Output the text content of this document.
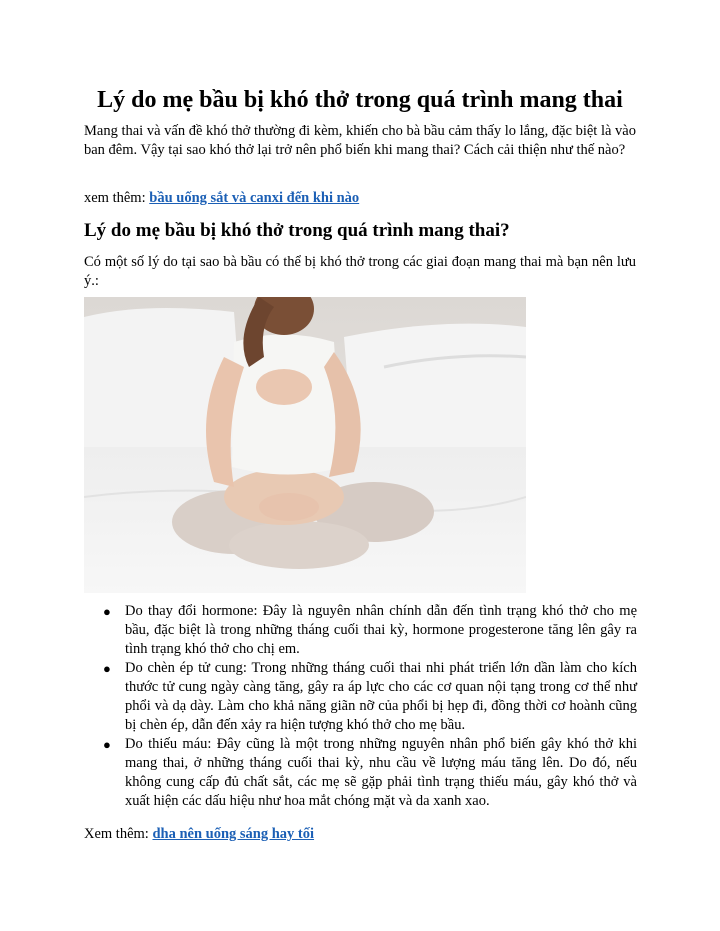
Lý do mẹ bầu bị khó thở trong quá trình mang thai

Mang thai và vấn đề khó thở thường đi kèm, khiến cho bà bầu cảm thấy lo lắng, đặc biệt là vào ban đêm. Vậy tại sao khó thở lại trở nên phổ biến khi mang thai? Cách cải thiện như thế nào?

xem thêm: bầu uống sắt và canxi đến khi nào

Lý do mẹ bầu bị khó thở trong quá trình mang thai?

Có một số lý do tại sao bà bầu có thể bị khó thở trong các giai đoạn mang thai mà bạn nên lưu ý.:

● Do thay đổi hormone: Đây là nguyên nhân chính dẫn đến tình trạng khó thở cho mẹ bầu, đặc biệt là trong những tháng cuối thai kỳ, hormone progesterone tăng lên gây ra tình trạng khó thở cho chị em.
● Do chèn ép tử cung: Trong những tháng cuối thai nhi phát triển lớn dần làm cho kích thước tử cung ngày càng tăng, gây ra áp lực cho các cơ quan nội tạng trong cơ thể như phổi và dạ dày. Làm cho khả năng giãn nỡ của phổi bị hẹp đi, đồng thời cơ hoành cũng bị chèn ép, dẫn đến xảy ra hiện tượng khó thở cho mẹ bầu.
● Do thiếu máu: Đây cũng là một trong những nguyên nhân phổ biến gây khó thở khi mang thai, ở những tháng cuối thai kỳ, nhu cầu về lượng máu tăng lên. Do đó, nếu không cung cấp đủ chất sắt, các mẹ sẽ gặp phải tình trạng thiếu máu, gây khó thở và xuất hiện các dấu hiệu như hoa mắt chóng mặt và da xanh xao.

Xem thêm: dha nên uống sáng hay tối
